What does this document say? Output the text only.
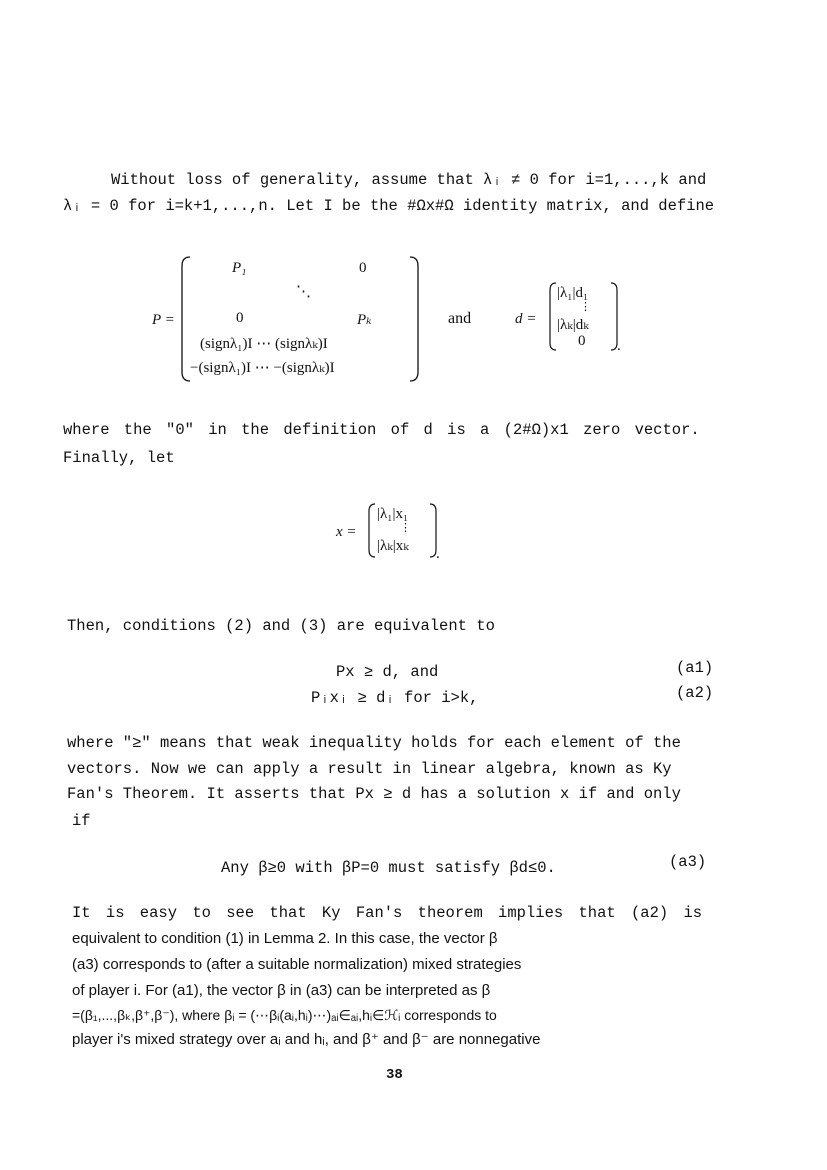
Without loss of generality, assume that λᵢ ≠ 0 for i=1,...,k and
λᵢ = 0 for i=k+1,...,n. Let I be the #Ωx#Ω identity matrix, and define
P =
P₁	0
⋱
0	Pₖ
(signλ₁)I ⋯ (signλₖ)I
−(signλ₁)I ⋯ −(signλₖ)I
and	d =
|λ₁|d₁
⋮
|λₖ|dₖ
0 .
where the "0" in the definition of d is a (2#Ω)x1 zero vector.
Finally, let
x =
|λ₁|x₁
⋮
|λₖ|xₖ .
Then, conditions (2) and (3) are equivalent to
Px ≥ d, and	(a1)
Pᵢxᵢ ≥ dᵢ for i>k,	(a2)
where "≥" means that weak inequality holds for each element of the
vectors. Now we can apply a result in linear algebra, known as Ky
Fan's Theorem. It asserts that Px ≥ d has a solution x if and only
if
Any β≥0 with βP=0 must satisfy βd≤0.	(a3)
It is easy to see that Ky Fan's theorem implies that (a2) is
equivalent to condition (1) in Lemma 2. In this case, the vector β
(a3) corresponds to (after a suitable normalization) mixed strategies
of player i. For (a1), the vector β in (a3) can be interpreted as β
=(β₁,...,βₖ,β⁺,β⁻), where βᵢ = (⋯βᵢ(aᵢ,hᵢ)⋯)ₐᵢ∈ₐᵢ,hᵢ∈ℋᵢ corresponds to
player i's mixed strategy over aᵢ and hᵢ, and β⁺ and β⁻ are nonnegative
38
